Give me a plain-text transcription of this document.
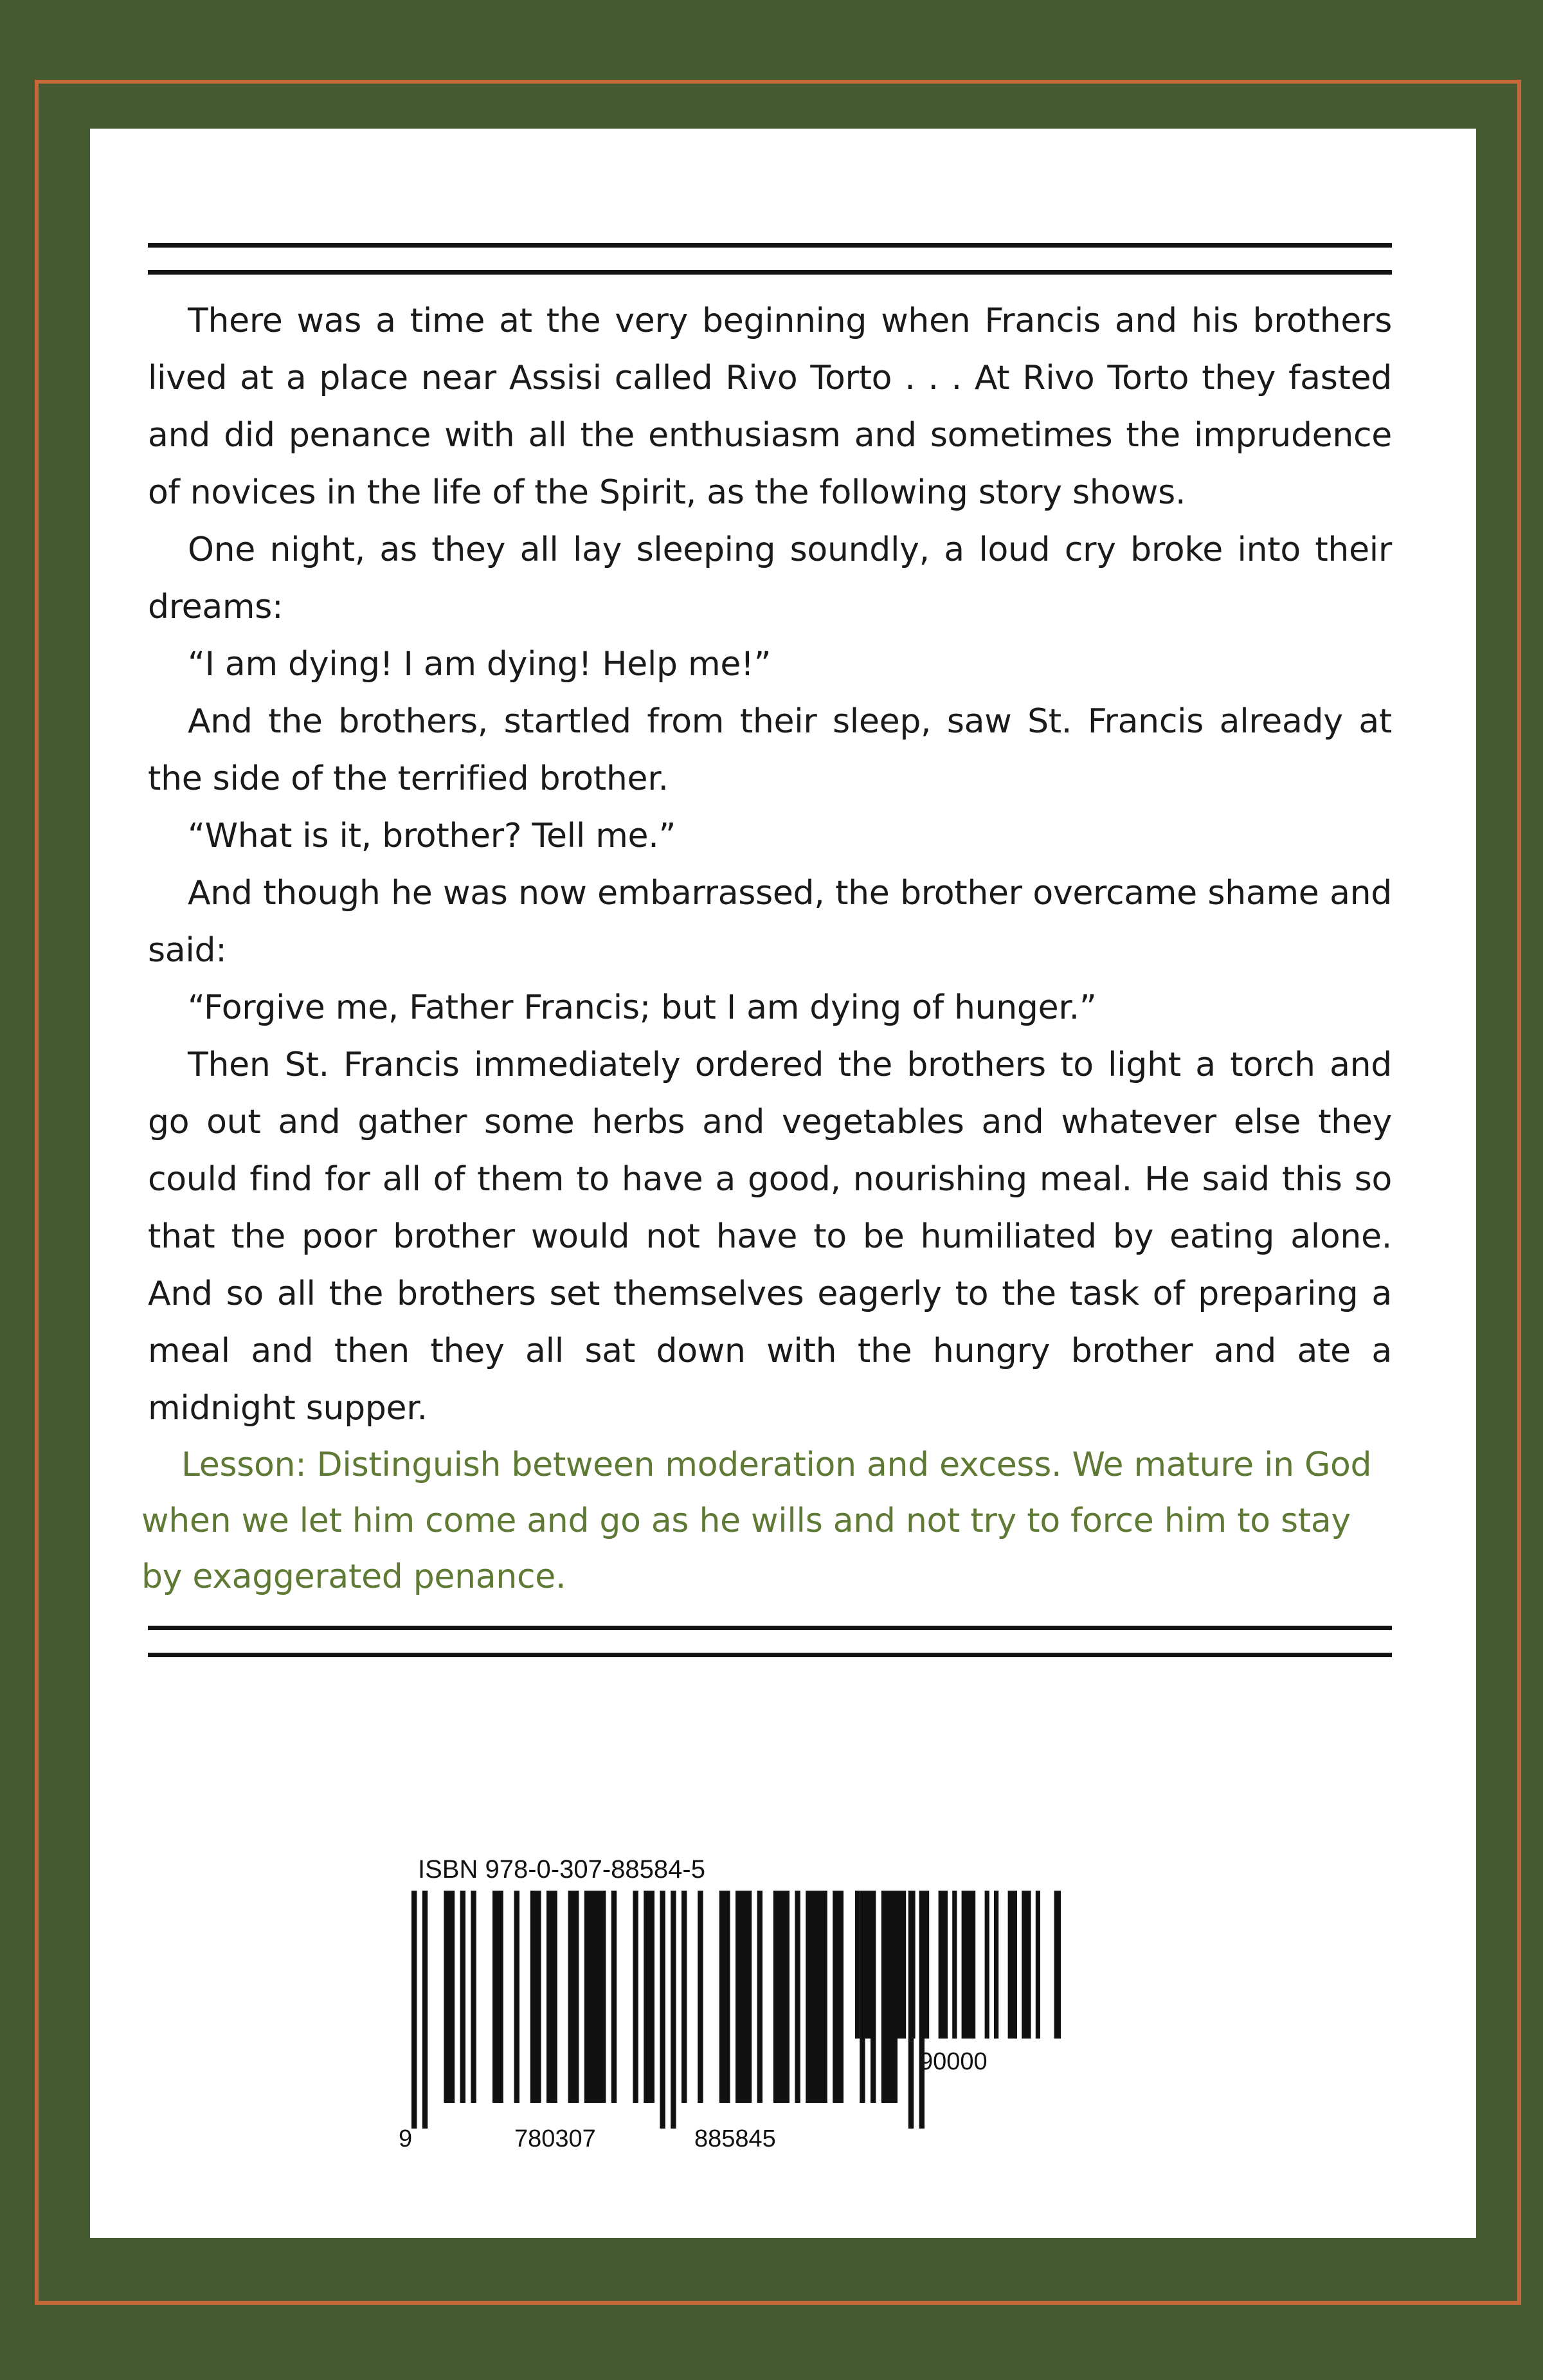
There was a time at the very beginning when Francis and his brothers lived at a place near Assisi called Rivo Torto . . . At Rivo Torto they fasted and did penance with all the enthusiasm and sometimes the imprudence of novices in the life of the Spirit, as the following story shows.

One night, as they all lay sleeping soundly, a loud cry broke into their dreams:

“I am dying! I am dying! Help me!”

And the brothers, startled from their sleep, saw St. Francis already at the side of the terrified brother.

“What is it, brother? Tell me.”

And though he was now embarrassed, the brother overcame shame and said:

“Forgive me, Father Francis; but I am dying of hunger.”

Then St. Francis immediately ordered the brothers to light a torch and go out and gather some herbs and vegetables and whatever else they could find for all of them to have a good, nourishing meal. He said this so that the poor brother would not have to be humiliated by eating alone. And so all the brothers set themselves eagerly to the task of preparing a meal and then they all sat down with the hungry brother and ate a midnight supper.

Lesson: Distinguish between moderation and excess. We mature in God when we let him come and go as he wills and not try to force him to stay by exaggerated penance.

ISBN 978-0-307-88584-5
9	780307	885845
90000
